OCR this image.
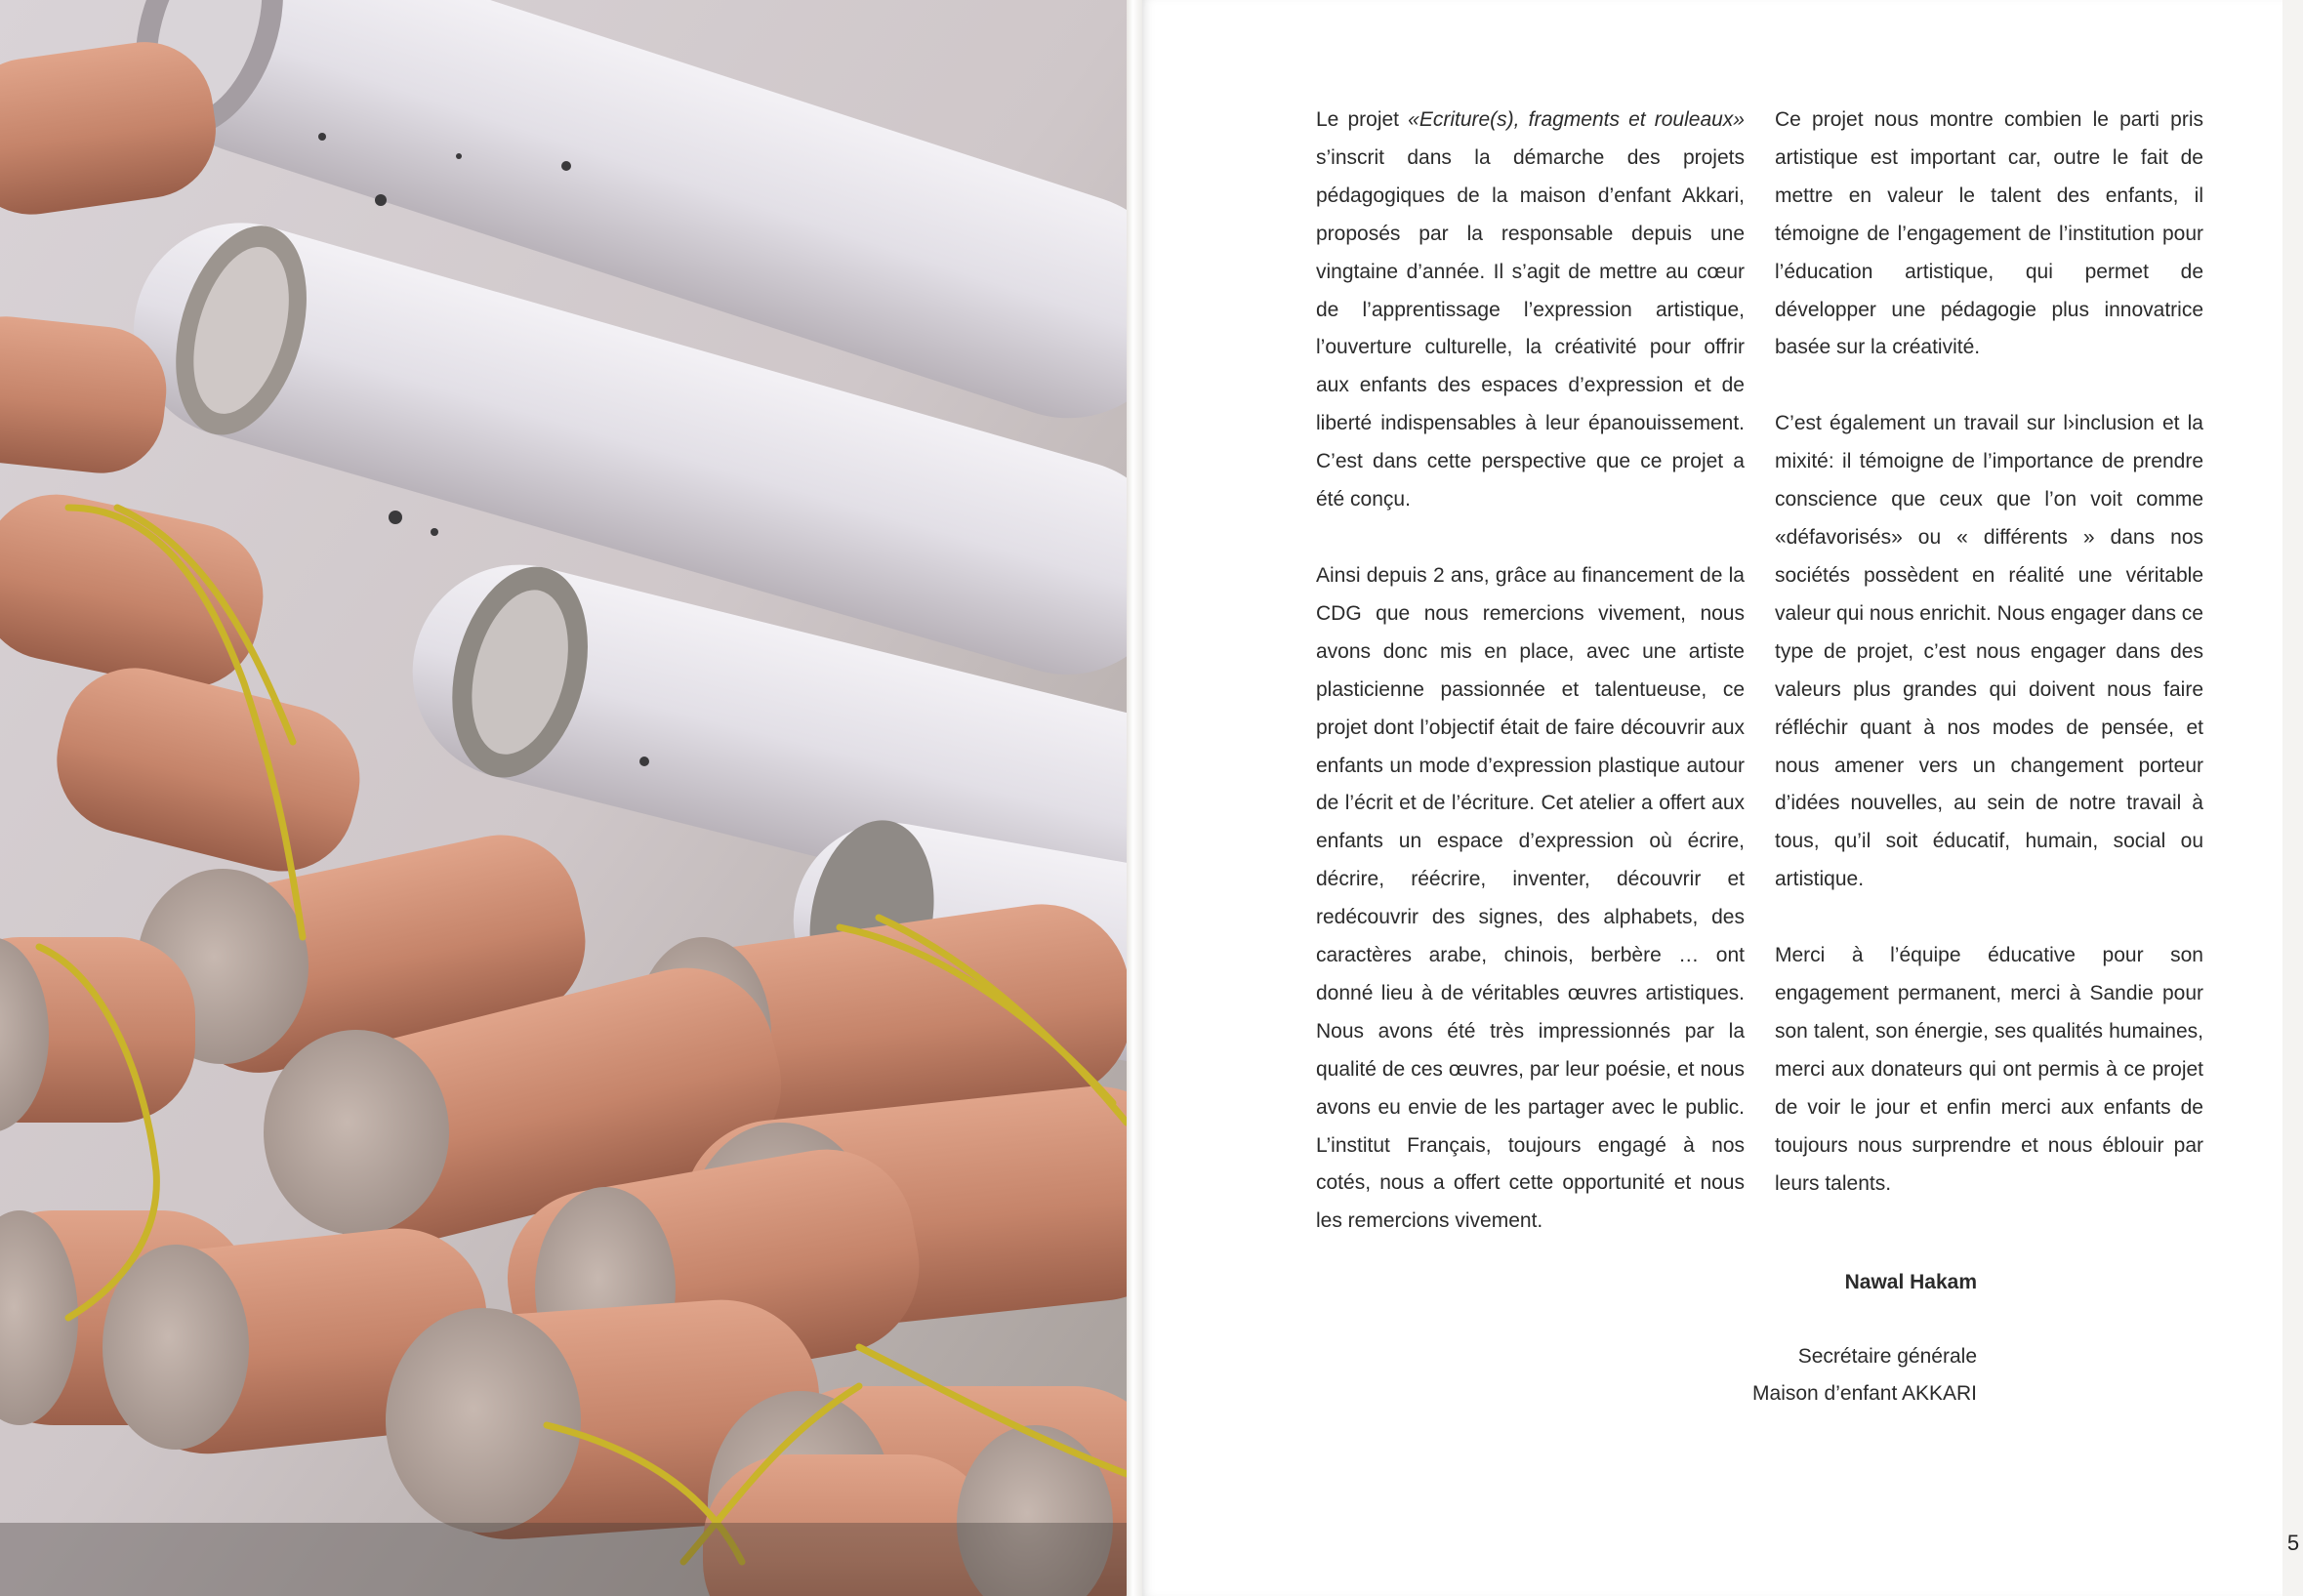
Le projet «Ecriture(s), fragments et rouleaux» s’inscrit dans la démarche des projets pédagogiques de la maison d’enfant Akkari, proposés par la responsable depuis une vingtaine d’année. Il s’agit de mettre au cœur de l’apprentissage l’expression artistique, l’ouverture culturelle, la créativité pour offrir aux enfants des espaces d’expression et de liberté indispensables à leur épanouissement. C’est dans cette perspective que ce projet a été conçu.

Ainsi depuis 2 ans, grâce au financement de la CDG que nous remercions vivement, nous avons donc mis en place, avec une artiste plasticienne passionnée et talentueuse, ce projet dont l’objectif était de faire découvrir aux enfants un mode d’expression plastique autour de l’écrit et de l’écriture. Cet atelier a offert aux enfants un espace d’expression où écrire, décrire, réécrire, inventer, découvrir et redécouvrir des signes, des alphabets, des caractères arabe, chinois, berbère … ont donné lieu à de véritables œuvres artistiques. Nous avons été très impressionnés par la qualité de ces œuvres, par leur poésie, et nous avons eu envie de les partager avec le public. L’institut Français, toujours engagé à nos cotés, nous a offert cette opportunité et nous les remercions vivement.

Ce projet nous montre combien le parti pris artistique est important car, outre le fait de mettre en valeur le talent des enfants, il témoigne de l’engagement de l’institution pour l’éducation artistique, qui permet de développer une pédagogie plus innovatrice basée sur la créativité.

C’est également un travail sur l›inclusion et la mixité: il témoigne de l’importance de prendre conscience que ceux que l’on voit comme «défavorisés» ou « différents » dans nos sociétés possèdent en réalité une véritable valeur qui nous enrichit. Nous engager dans ce type de projet, c’est nous engager dans des valeurs plus grandes qui doivent nous faire réfléchir quant à nos modes de pensée, et nous amener vers un changement porteur d’idées nouvelles, au sein de notre travail à tous, qu’il soit éducatif, humain, social ou artistique.

Merci à l’équipe éducative pour son engagement permanent, merci à Sandie pour son talent, son énergie, ses qualités humaines, merci aux donateurs qui ont permis à ce projet de voir le jour et enfin merci aux enfants de toujours nous surprendre et nous éblouir par leurs talents.

Nawal Hakam
Secrétaire générale
Maison d’enfant AKKARI
5
